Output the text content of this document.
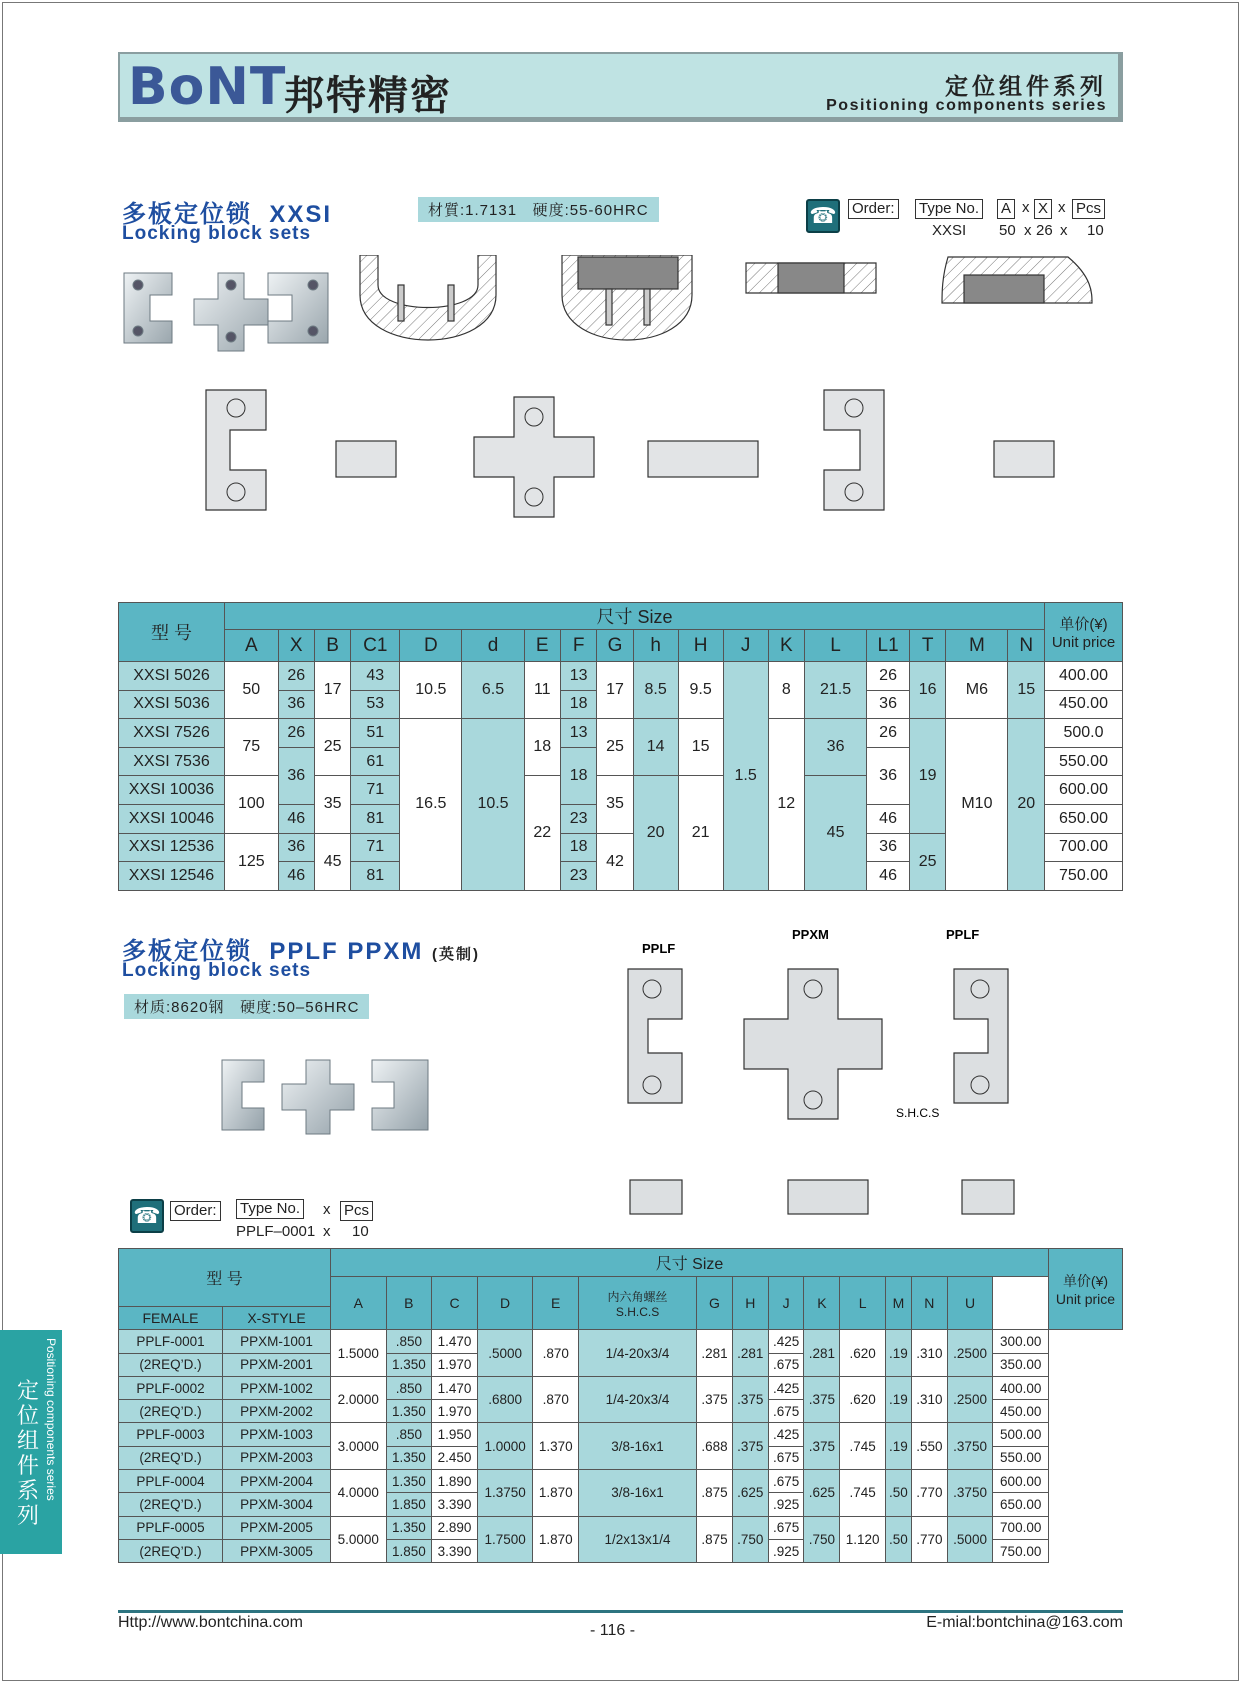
BoNT
邦特精密	定位组件系列
Positioning components series
多板定位锁 XXSI
Locking block sets
材質:1.7131 硬度:55-60HRC	☎ Order: Type No. A x X x Pcs
XXSI 50 x 26 x 10
型 号	尺寸 Size																		单价(¥)
Unit price
	A	X	B	C1	D	d	E	F	G	h	H	J	K	L	L1	T	M	N	
XXSI 5026	50	26	17	43	10.5	6.5	11	13	17	8.5	9.5	1.5	8	21.5	26	16	M6	15	400.00
XXSI 5036		36		53				18							36				450.00
XXSI 7526	75	26	25	51	16.5	10.5	18	13	25	14	15		12	36	26	19	M10	20	500.0
XXSI 7536		36		61				18							36				550.00
XXSI 10036	100		35	71			22		35	20	21			45					600.00
XXSI 10046		46		81				23							46				650.00
XXSI 12536	125	36	45	71				18	42						36	25			700.00
XXSI 12546		46		81				23							46				750.00
多板定位锁 PPLF PPXM (英制)
Locking block sets
材质:8620钢 硬度:50–56HRC
PPLF
PPXM	PPLF
S.H.C.S
☎ Order: Type No. x Pcs
PPLF–0001 x 10
型 号		尺寸 Size															单价(¥)
Unit price
		A	B	C	D	E	内六角螺丝
S.H.C.S	G	H	J	K	L	M	N	U		
FEMALE	X-STYLE																
PPLF-0001	PPXM-1001	1.5000	.850	1.470	.5000	.870	1/4-20x3/4	.281	.281	.425	.281	.620	.19	.310	.2500	300.00	
(2REQ’D.)	PPXM-2001		1.350	1.970						.675						350.00	
PPLF-0002	PPXM-1002	2.0000	.850	1.470	.6800	.870	1/4-20x3/4	.375	.375	.425	.375	.620	.19	.310	.2500	400.00	
(2REQ’D.)	PPXM-2002		1.350	1.970						.675						450.00	
PPLF-0003	PPXM-1003	3.0000	.850	1.950	1.0000	1.370	3/8-16x1	.688	.375	.425	.375	.745	.19	.550	.3750	500.00	
(2REQ’D.)	PPXM-2003		1.350	2.450						.675						550.00	
PPLF-0004	PPXM-2004	4.0000	1.350	1.890	1.3750	1.870	3/8-16x1	.875	.625	.675	.625	.745	.50	.770	.3750	600.00	
(2REQ’D.)	PPXM-3004		1.850	3.390						.925						650.00	
PPLF-0005	PPXM-2005	5.0000	1.350	2.890	1.7500	1.870	1/2x13x1/4	.875	.750	.675	.750	1.120	.50	.770	.5000	700.00	
(2REQ’D.)	PPXM-3005		1.850	3.390						.925						750.00	
定位组件系列
Positioning components series
Http://www.bontchina.com	- 116 -	E-mial:bontchina@163.com
